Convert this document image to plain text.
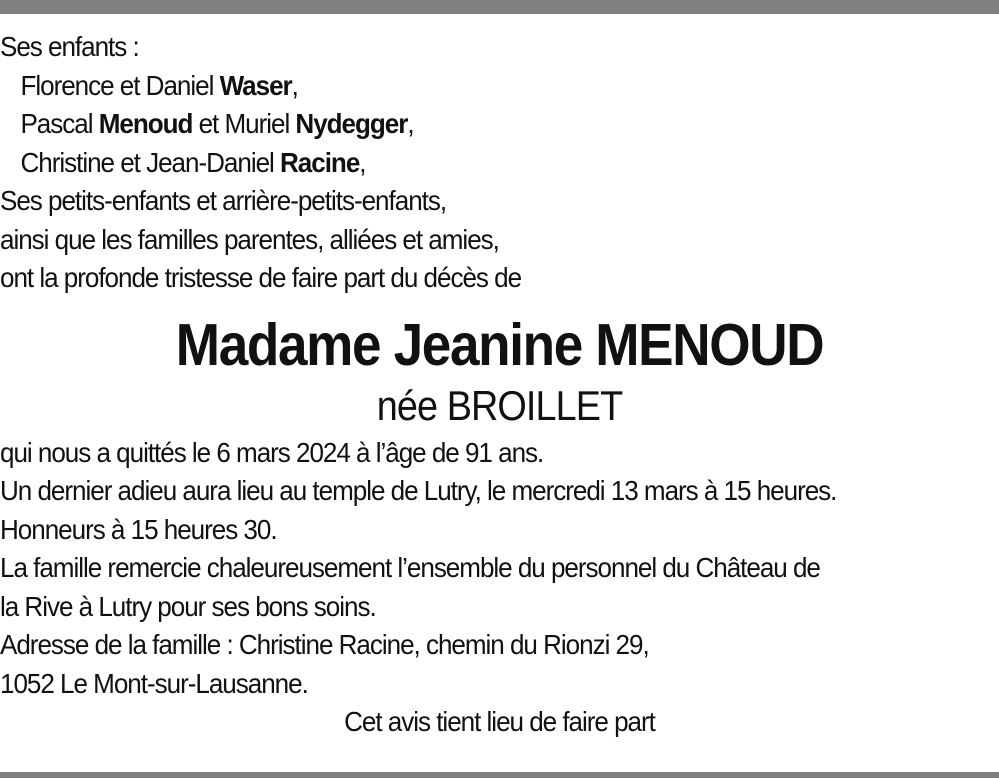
Ses enfants :
Florence et Daniel Waser,
Pascal Menoud et Muriel Nydegger,
Christine et Jean-Daniel Racine,
Ses petits-enfants et arrière-petits-enfants,
ainsi que les familles parentes, alliées et amies,
ont la profonde tristesse de faire part du décès de
Madame Jeanine MENOUD
née BROILLET
qui nous a quittés le 6 mars 2024 à l’âge de 91 ans.
Un dernier adieu aura lieu au temple de Lutry, le mercredi 13 mars à 15 heures.
Honneurs à 15 heures 30.
La famille remercie chaleureusement l’ensemble du personnel du Château de
la Rive à Lutry pour ses bons soins.
Adresse de la famille : Christine Racine, chemin du Rionzi 29,
1052 Le Mont-sur-Lausanne.
Cet avis tient lieu de faire part
